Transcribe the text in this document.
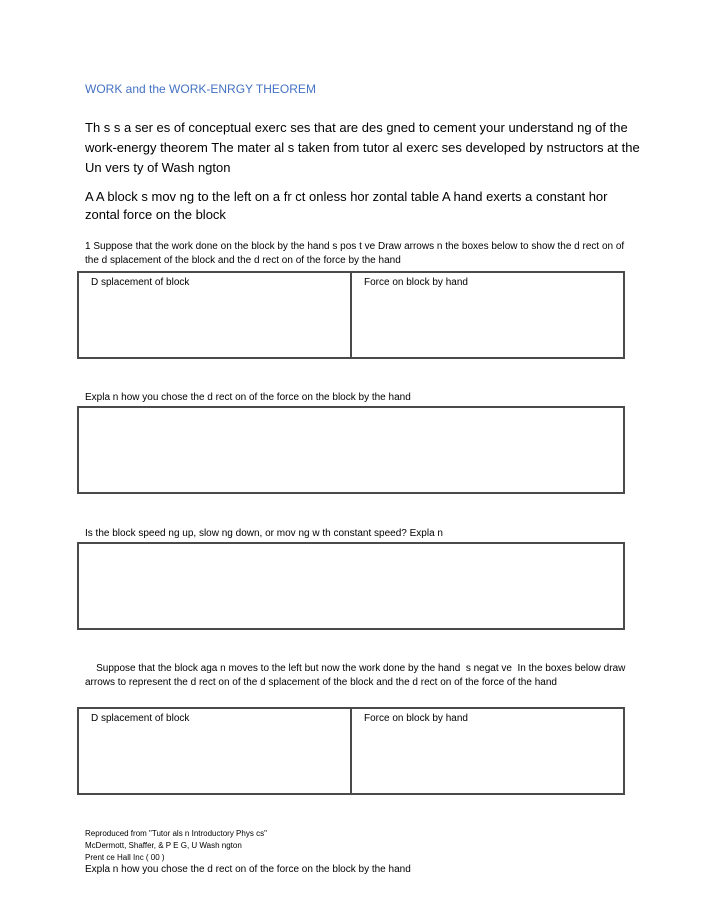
WORK and the WORK-ENRGY THEOREM
Th s s a ser es of conceptual exerc ses that are des gned to cement your understand ng of the work-energy theorem The mater al s taken from tutor al exerc ses developed by nstructors at the Un vers ty of Wash ngton
A A block s mov ng to the left on a fr ct onless hor zontal table A hand exerts a constant hor zontal force on the block
1 Suppose that the work done on the block by the hand s pos t ve Draw arrows n the boxes below to show the d rect on of the d splacement of the block and the d rect on of the force by the hand
D splacement of block	Force on block by hand
Expla n how you chose the d rect on of the force on the block by the hand
Is the block speed ng up, slow ng down, or mov ng w th constant speed? Expla n
Suppose that the block aga n moves to the left but now the work done by the hand  s negat ve  In the boxes below draw arrows to represent the d rect on of the d splacement of the block and the d rect on of the force of the hand
D splacement of block	Force on block by hand
Reproduced from "Tutor als n Introductory Phys cs"
McDermott, Shaffer, & P E G, U Wash ngton
Prent ce Hall Inc ( 00 )
Expla n how you chose the d rect on of the force on the block by the hand
